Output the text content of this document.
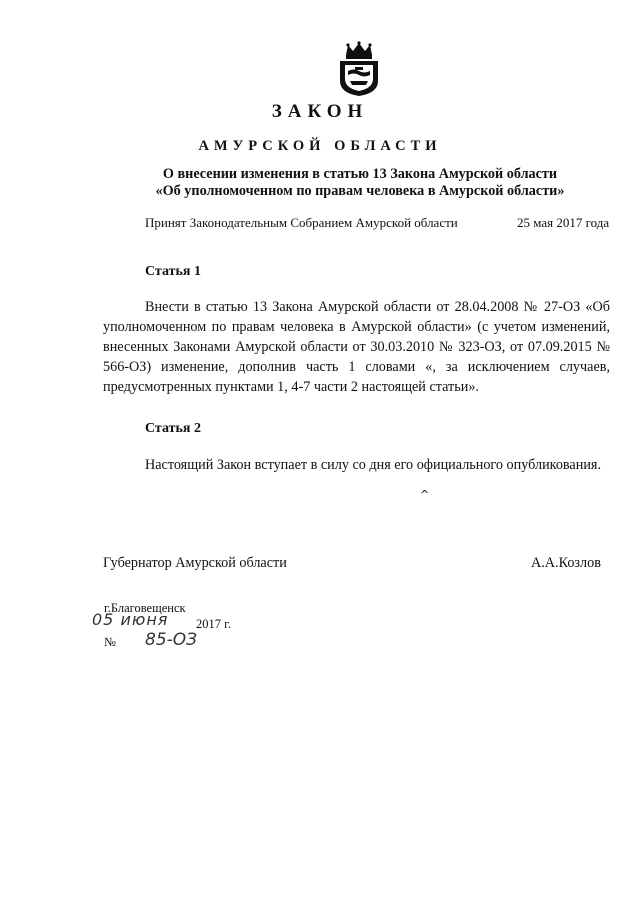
ЗАКОН
АМУРСКОЙ ОБЛАСТИ
О внесении изменения в статью 13 Закона Амурской области
«Об уполномоченном по правам человека в Амурской области»
Принят Законодательным Собранием Амурской области	25 мая 2017 года
Статья 1
Внести в статью 13 Закона Амурской области от 28.04.2008 № 27-ОЗ «Об уполномоченном по правам человека в Амурской области» (с учетом изменений, внесенных Законами Амурской области от 30.03.2010 № 323-ОЗ, от 07.09.2015 № 566-ОЗ) изменение, дополнив часть 1 словами «, за исключением случаев, предусмотренных пунктами 1, 4-7 части 2 настоящей статьи».
Статья 2
Настоящий Закон вступает в силу со дня его официального опубликования.
^
Губернатор Амурской области	А.А.Козлов
г.Благовещенск
05 июня 2017 г.
№ 85-ОЗ
